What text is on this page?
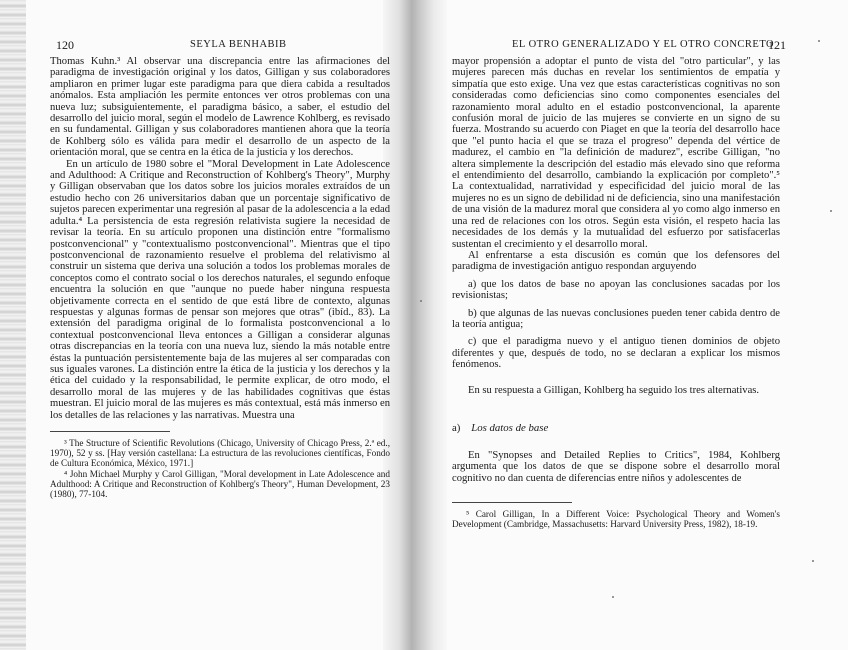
120	SEYLA BENHABIB

Thomas Kuhn.³ Al observar una discrepancia entre las afirmaciones del paradigma de investigación original y los datos, Gilligan y sus colaboradores ampliaron en primer lugar este paradigma para que diera cabida a resultados anómalos. Esta ampliación les permite entonces ver otros problemas con una nueva luz; subsiguientemente, el paradigma básico, a saber, el estudio del desarrollo del juicio moral, según el modelo de Lawrence Kohlberg, es revisado en su fundamental. Gilligan y sus colaboradores mantienen ahora que la teoría de Kohlberg sólo es válida para medir el desarrollo de un aspecto de la orientación moral, que se centra en la ética de la justicia y los derechos.

En un artículo de 1980 sobre el "Moral Development in Late Adolescence and Adulthood: A Critique and Reconstruction of Kohlberg's Theory", Murphy y Gilligan observaban que los datos sobre los juicios morales extraídos de un estudio hecho con 26 universitarios daban que un porcentaje significativo de sujetos parecen experimentar una regresión al pasar de la adolescencia a la edad adulta.⁴ La persistencia de esta regresión relativista sugiere la necesidad de revisar la teoría. En su artículo proponen una distinción entre "formalismo postconvencional" y "contextualismo postconvencional". Mientras que el tipo postconvencional de razonamiento resuelve el problema del relativismo al construir un sistema que deriva una solución a todos los problemas morales de conceptos como el contrato social o los derechos naturales, el segundo enfoque encuentra la solución en que "aunque no puede haber ninguna respuesta objetivamente correcta en el sentido de que está libre de contexto, algunas respuestas y algunas formas de pensar son mejores que otras" (ibíd., 83). La extensión del paradigma original de lo formalista postconvencional a lo contextual postconvencional lleva entonces a Gilligan a considerar algunas otras discrepancias en la teoría con una nueva luz, siendo la más notable entre éstas la puntuación persistentemente baja de las mujeres al ser comparadas con sus iguales varones. La distinción entre la ética de la justicia y los derechos y la ética del cuidado y la responsabilidad, le permite explicar, de otro modo, el desarrollo moral de las mujeres y de las habilidades cognitivas que éstas muestran. El juicio moral de las mujeres es más contextual, está más inmerso en los detalles de las relaciones y las narrativas. Muestra una

³ The Structure of Scientific Revolutions (Chicago, University of Chicago Press, 2.ª ed., 1970), 52 y ss. [Hay versión castellana: La estructura de las revoluciones científicas, Fondo de Cultura Económica, México, 1971.]

⁴ John Michael Murphy y Carol Gilligan, "Moral development in Late Adolescence and Adulthood: A Critique and Reconstruction of Kohlberg's Theory", Human Development, 23 (1980), 77-104.

EL OTRO GENERALIZADO Y EL OTRO CONCRETO
121

mayor propensión a adoptar el punto de vista del "otro particular", y las mujeres parecen más duchas en revelar los sentimientos de empatía y simpatía que esto exige. Una vez que estas características cognitivas no son consideradas como deficiencias sino como componentes esenciales del razonamiento moral adulto en el estadio postconvencional, la aparente confusión moral de juicio de las mujeres se convierte en un signo de su fuerza. Mostrando su acuerdo con Piaget en que la teoría del desarrollo hace que "el punto hacia el que se traza el progreso" dependa del vértice de madurez, el cambio en "la definición de madurez", escribe Gilligan, "no altera simplemente la descripción del estadio más elevado sino que reforma el entendimiento del desarrollo, cambiando la explicación por completo".⁵ La contextualidad, narratividad y especificidad del juicio moral de las mujeres no es un signo de debilidad ni de deficiencia, sino una manifestación de una visión de la madurez moral que considera al yo como algo inmerso en una red de relaciones con los otros. Según esta visión, el respeto hacia las necesidades de los demás y la mutualidad del esfuerzo por satisfacerlas sustentan el crecimiento y el desarrollo moral.

Al enfrentarse a esta discusión es común que los defensores del paradigma de investigación antiguo respondan arguyendo

a) que los datos de base no apoyan las conclusiones sacadas por los revisionistas;

b) que algunas de las nuevas conclusiones pueden tener cabida dentro de la teoría antigua;

c) que el paradigma nuevo y el antiguo tienen dominios de objeto diferentes y que, después de todo, no se declaran a explicar los mismos fenómenos.

En su respuesta a Gilligan, Kohlberg ha seguido los tres alternativas.

a) Los datos de base

En "Synopses and Detailed Replies to Critics", 1984, Kohlberg argumenta que los datos de que se dispone sobre el desarrollo moral cognitivo no dan cuenta de diferencias entre niños y adolescentes de

⁵ Carol Gilligan, In a Different Voice: Psychological Theory and Women's Development (Cambridge, Massachusetts: Harvard University Press, 1982), 18-19.
